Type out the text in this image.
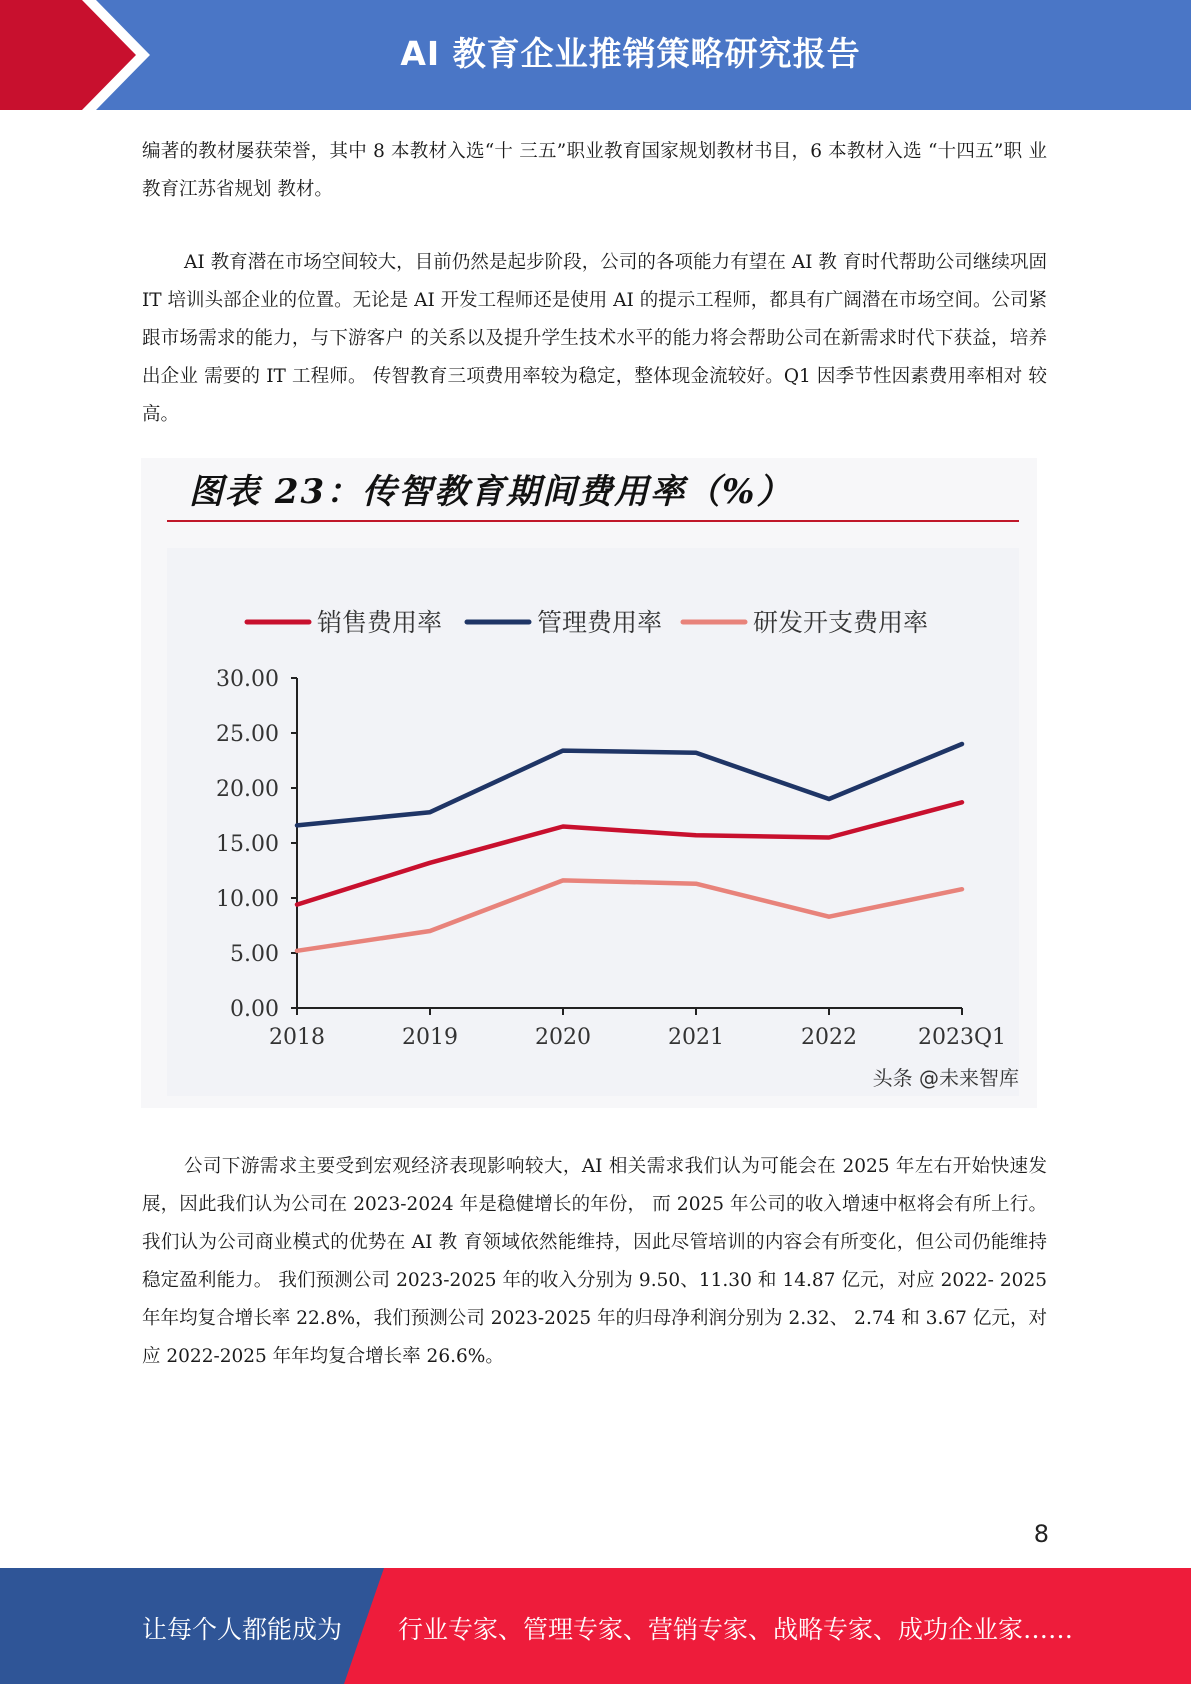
AI 教育企业推销策略研究报告
编著的教材屡获荣誉，其中 8 本教材入选“十 三五”职业教育国家规划教材书目，6 本教材入选 “十四五”职 业教育江苏省规划 教材。
AI 教育潜在市场空间较大，目前仍然是起步阶段，公司的各项能力有望在 AI 教 育时代帮助公司继续巩固 IT 培训头部企业的位置。无论是 AI 开发工程师还是使用 AI 的提示工程师，都具有广阔潜在市场空间。公司紧跟市场需求的能力，与下游客户 的关系以及提升学生技术水平的能力将会帮助公司在新需求时代下获益，培养出企业 需要的 IT 工程师。 传智教育三项费用率较为稳定，整体现金流较好。Q1 因季节性因素费用率相对 较高。
图表 23：传智教育期间费用率（%）
0.00
5.00
10.00
15.00
20.00
25.00
30.00
2018	2019	2020	2021	2022	2023Q1
销售费用率	管理费用率	研发开支费用率
头条 @未来智库
公司下游需求主要受到宏观经济表现影响较大，AI 相关需求我们认为可能会在 2025 年左右开始快速发展，因此我们认为公司在 2023-2024 年是稳健增长的年份， 而 2025 年公司的收入增速中枢将会有所上行。我们认为公司商业模式的优势在 AI 教 育领域依然能维持，因此尽管培训的内容会有所变化，但公司仍能维持稳定盈利能力。 我们预测公司 2023-2025 年的收入分别为 9.50、11.30 和 14.87 亿元，对应 2022- 2025 年年均复合增长率 22.8%，我们预测公司 2023-2025 年的归母净利润分别为 2.32、 2.74 和 3.67 亿元，对应 2022-2025 年年均复合增长率 26.6%。
8
让每个人都能成为 行业专家、管理专家、营销专家、战略专家、成功企业家……
